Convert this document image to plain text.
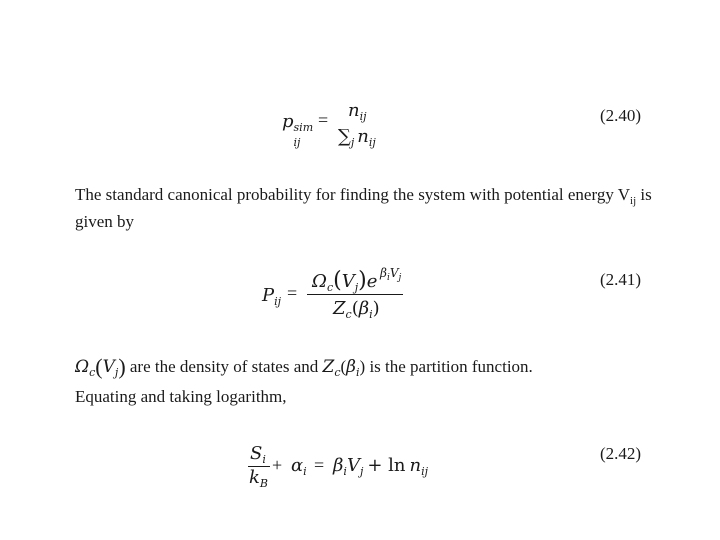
p sim
ij
= $n_{ij}$
$\sum_j$ $n_{ij}$
(2.40)
The standard canonical probability for finding the system with potential energy $V_{ij}$ is
given by
$P_{ij}$ =
$\Omega_c(V_j)e$ $\beta_iV_j$
$Z_c(\beta_i)$
(2.41)
$\Omega_c(V_j)$ are the density of states and $Z_c(\beta_i)$ is the partition function.
Equating and taking logarithm,
$S_i$
$k_B$
+ $\alpha_i = \beta_iV_j + \ln n_{ij}$
(2.42)
